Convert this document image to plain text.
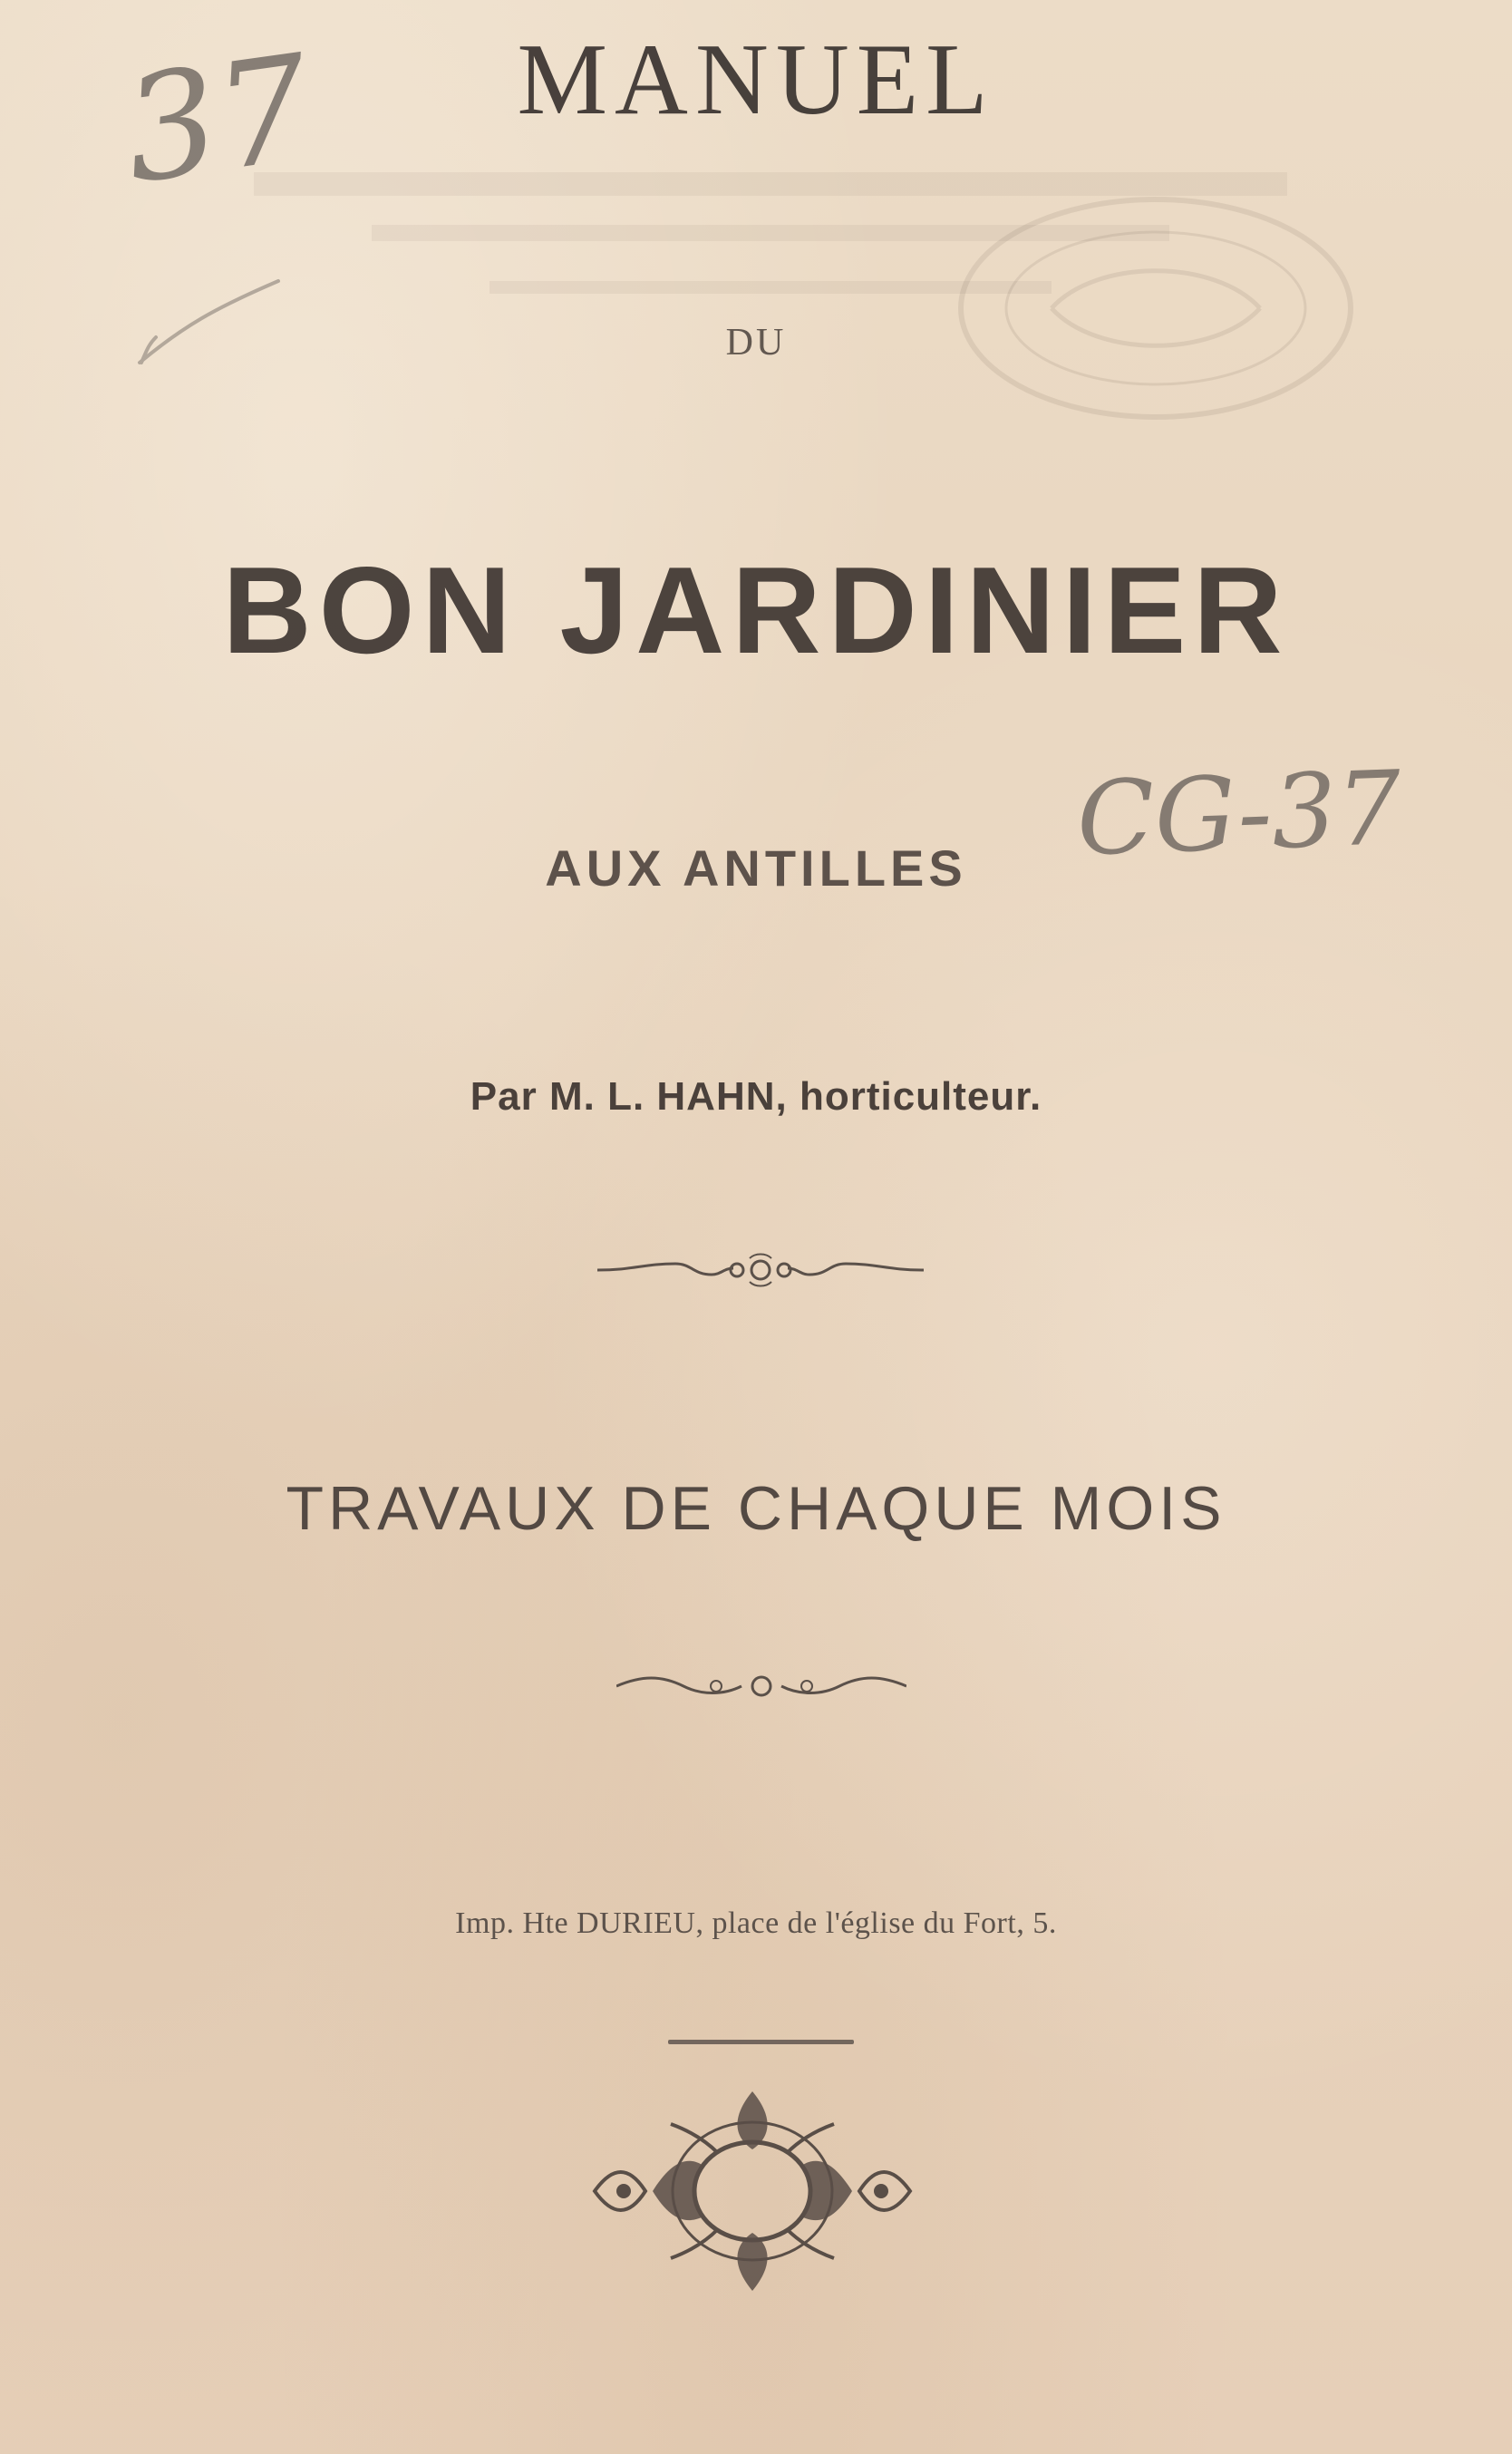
37	MANUEL

DU

BON JARDINIER

AUX ANTILLES	CG-37

Par M. L. HAHN, horticulteur.

TRAVAUX DE CHAQUE MOIS

Imp. Hte DURIEU, place de l'église du Fort, 5.
